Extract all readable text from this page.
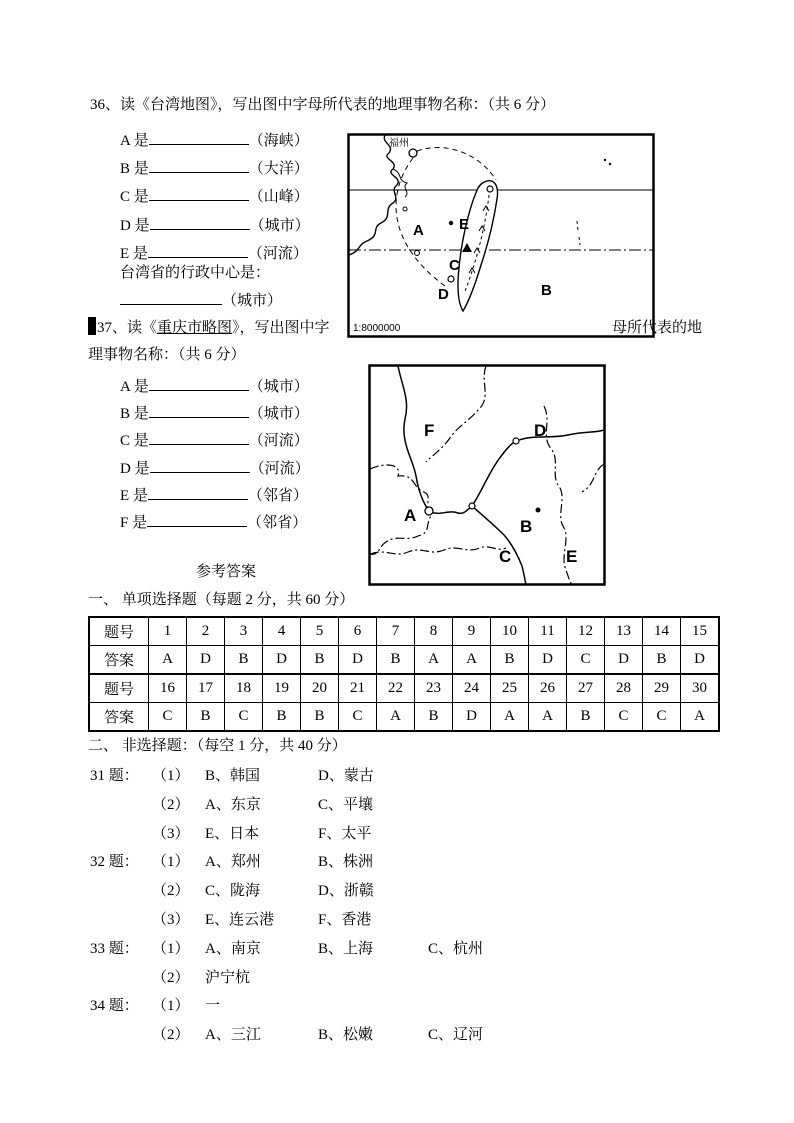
36、读《台湾地图》，写出图中字母所代表的地理事物名称：（共 6 分）
A 是	（海峡）
B 是	（大洋）
C 是	（山峰）
D 是	（城市）
E 是	（河流）
台湾省的行政中心是：
（城市）
福州
A E
C
D	B
1:8000000
37、读《重庆市略图》，写出图中字	母所代表的地
理事物名称：（共 6 分）
A 是	（城市）
B 是	（城市）
C 是	（河流）
D 是	（河流）
E 是	（邻省）
F 是	（邻省）
F	D
A
B
C	E
参考答案
一、 单项选择题（每题 2 分，共 60 分）
题号	1	2	3	4	5	6	7	8	9	10	11	12	13	14	15
答案	A	D	B	D	B	D	B	A	A	B	D	C	D	B	D
题号	16	17	18	19	20	21	22	23	24	25	26	27	28	29	30
答案	C	B	C	B	B	C	A	B	D	A	A	B	C	C	A
二、 非选择题：（每空 1 分，共 40 分）
31 题： （1） B、韩国	D、蒙古
（2） A、东京	C、平壤
（3） E、日本	F、太平
32 题： （1） A、郑州	B、株洲
（2） C、陇海	D、浙赣
（3） E、连云港	F、香港
33 题： （1） A、南京	B、上海	C、杭州
（2） 沪宁杭
34 题： （1） 一
（2） A、三江	B、松嫩	C、辽河
